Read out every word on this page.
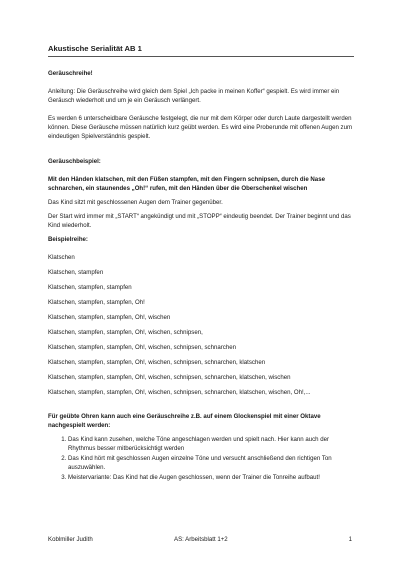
Akustische Serialität AB 1

Geräuschreihe!

Anleitung: Die Geräuschreihe wird gleich dem Spiel „Ich packe in meinen Koffer“ gespielt. Es wird immer ein Geräusch wiederholt und um je ein Geräusch verlängert.

Es werden 6 unterscheidbare Geräusche festgelegt, die nur mit dem Körper oder durch Laute dargestellt werden können. Diese Geräusche müssen natürlich kurz geübt werden. Es wird eine Proberunde mit offenen Augen zum eindeutigen Spielverständnis gespielt.

Geräuschbeispiel:

Mit den Händen klatschen, mit den Füßen stampfen, mit den Fingern schnipsen, durch die Nase schnarchen, ein staunendes „Oh!“ rufen, mit den Händen über die Oberschenkel wischen

Das Kind sitzt mit geschlossenen Augen dem Trainer gegenüber.

Der Start wird immer mit „START“ angekündigt und mit „STOPP“ eindeutig beendet. Der Trainer beginnt und das Kind wiederholt.

Beispielreihe:

Klatschen
Klatschen, stampfen
Klatschen, stampfen, stampfen
Klatschen, stampfen, stampfen, Oh!
Klatschen, stampfen, stampfen, Oh!, wischen
Klatschen, stampfen, stampfen, Oh!, wischen, schnipsen,
Klatschen, stampfen, stampfen, Oh!, wischen, schnipsen, schnarchen
Klatschen, stampfen, stampfen, Oh!, wischen, schnipsen, schnarchen, klatschen
Klatschen, stampfen, stampfen, Oh!, wischen, schnipsen, schnarchen, klatschen, wischen
Klatschen, stampfen, stampfen, Oh!, wischen, schnipsen, schnarchen, klatschen, wischen, Oh!,...

Für geübte Ohren kann auch eine Geräuschreihe z.B. auf einem Glockenspiel mit einer Oktave nachgespielt werden:

1. Das Kind kann zusehen, welche Töne angeschlagen werden und spielt nach. Hier kann auch der Rhythmus besser mitberücksichtigt werden
2. Das Kind hört mit geschlossen Augen einzelne Töne und versucht anschließend den richtigen Ton auszuwählen.
3. Meistervariante: Das Kind hat die Augen geschlossen, wenn der Trainer die Tonreihe aufbaut!
Koblmiller Judith	AS: Arbeitsblatt 1+2	1
